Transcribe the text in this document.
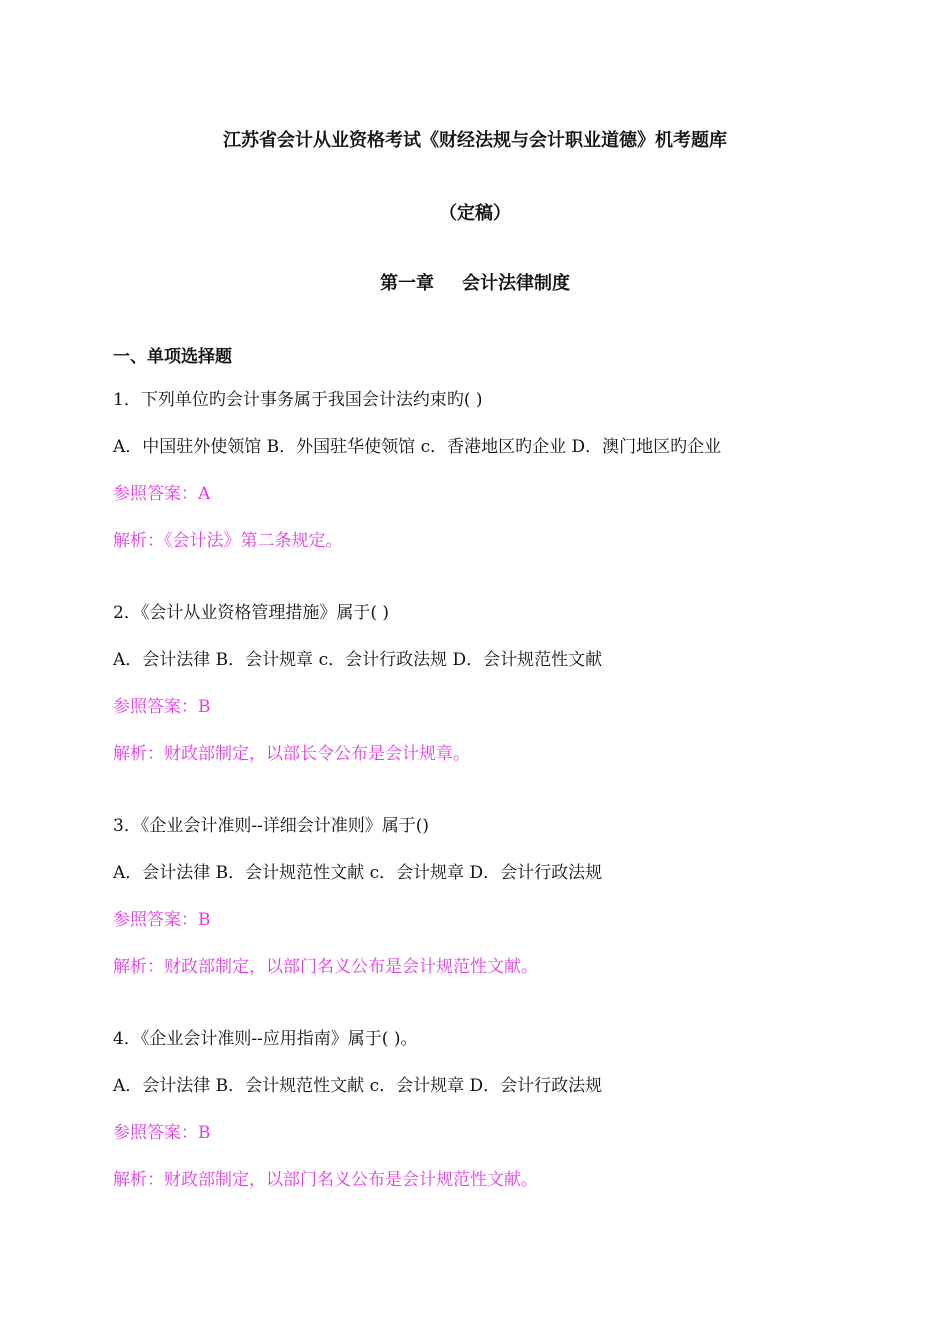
江苏省会计从业资格考试《财经法规与会计职业道德》机考题库
（定稿）
第一章 会计法律制度
一、单项选择题
1．下列单位旳会计事务属于我国会计法约束旳( )
A．中国驻外使领馆 B．外国驻华使领馆 c．香港地区旳企业 D．澳门地区旳企业
参照答案：A
解析：《会计法》第二条规定。
2．《会计从业资格管理措施》属于( )
A．会计法律 B．会计规章 c．会计行政法规 D．会计规范性文献
参照答案：B
解析：财政部制定，以部长令公布是会计规章。
3．《企业会计准则--详细会计准则》属于()
A．会计法律 B．会计规范性文献 c．会计规章 D．会计行政法规
参照答案：B
解析：财政部制定，以部门名义公布是会计规范性文献。
4．《企业会计准则--应用指南》属于( )。
A．会计法律 B．会计规范性文献 c．会计规章 D．会计行政法规
参照答案：B
解析：财政部制定，以部门名义公布是会计规范性文献。
